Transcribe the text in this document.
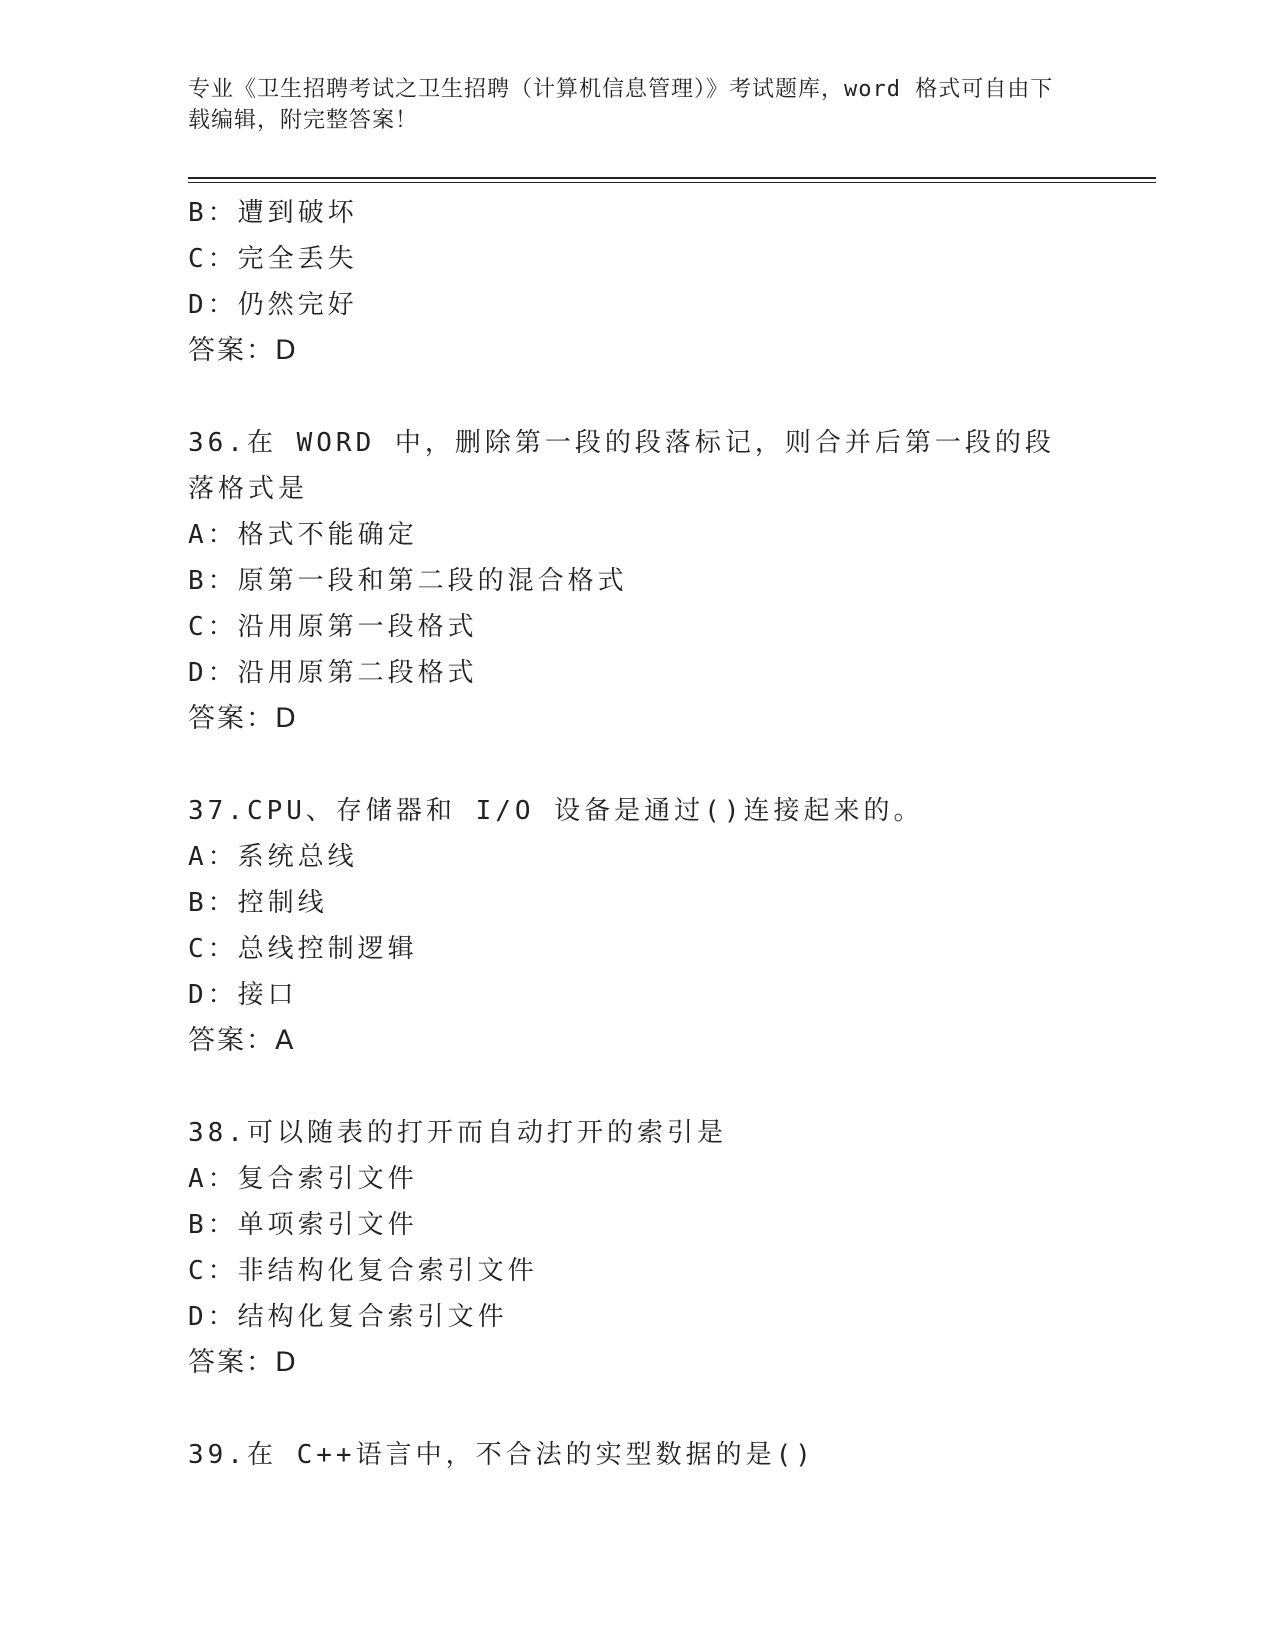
专业《卫生招聘考试之卫生招聘（计算机信息管理）》考试题库，word 格式可自由下载编辑，附完整答案！
B：遭到破坏
C：完全丢失
D：仍然完好
答案：D
36.在 WORD 中，删除第一段的段落标记，则合并后第一段的段落格式是
A：格式不能确定
B：原第一段和第二段的混合格式
C：沿用原第一段格式
D：沿用原第二段格式
答案：D
37.CPU、存储器和 I/O 设备是通过()连接起来的。
A：系统总线
B：控制线
C：总线控制逻辑
D：接口
答案：A
38.可以随表的打开而自动打开的索引是
A：复合索引文件
B：单项索引文件
C：非结构化复合索引文件
D：结构化复合索引文件
答案：D
39.在 C++语言中，不合法的实型数据的是()
